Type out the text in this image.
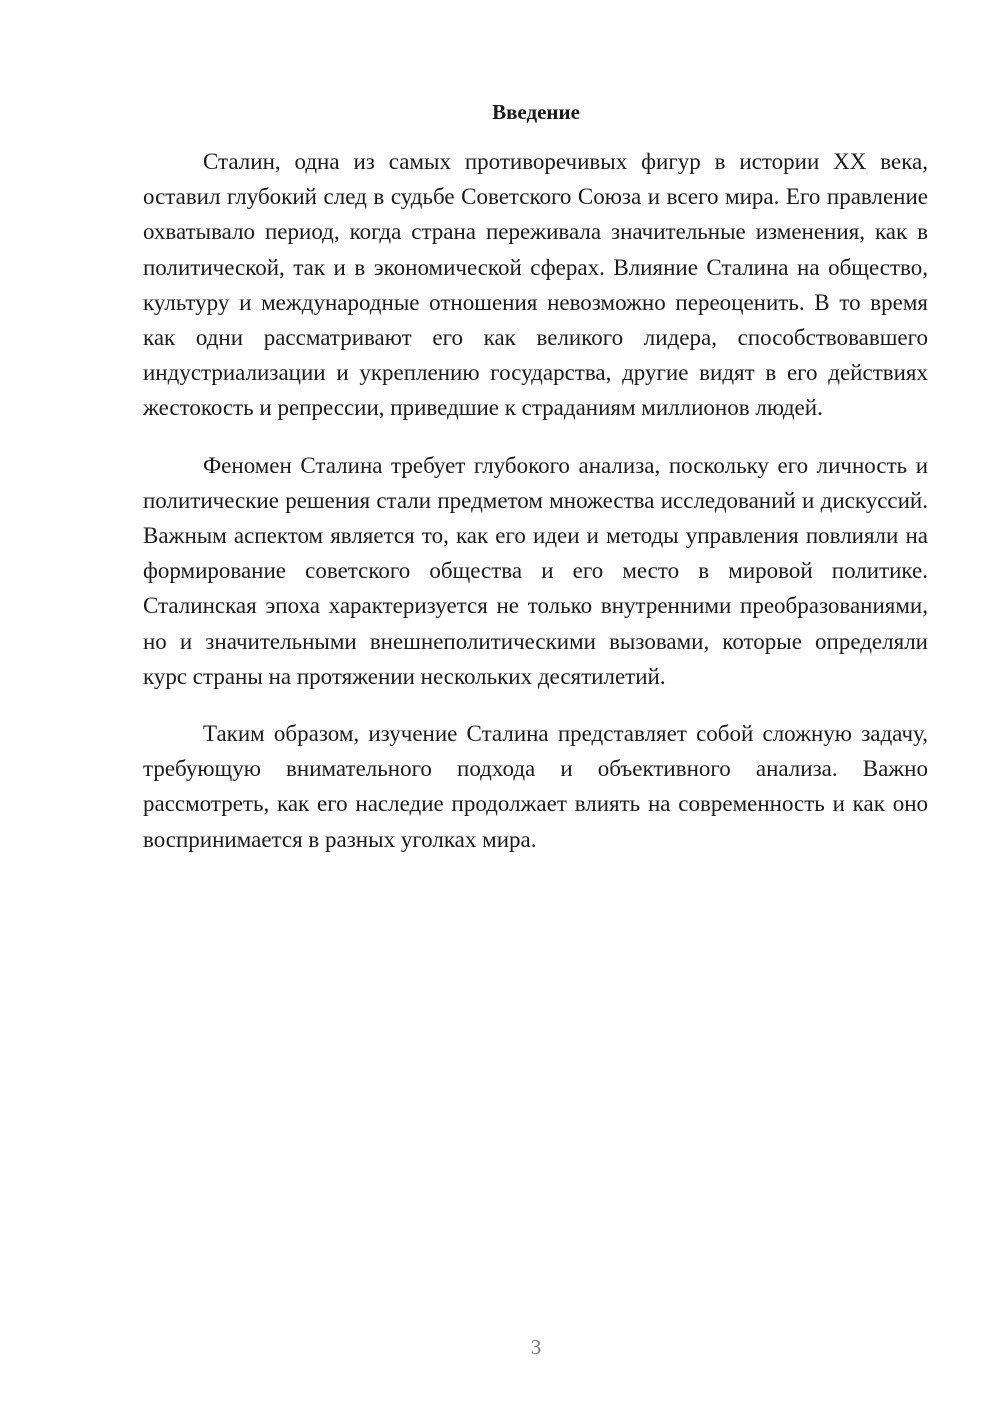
Введение

Сталин, одна из самых противоречивых фигур в истории XX века, оставил глубокий след в судьбе Советского Союза и всего мира. Его правление охватывало период, когда страна переживала значительные изменения, как в политической, так и в экономической сферах. Влияние Сталина на общество, культуру и международные отношения невозможно переоценить. В то время как одни рассматривают его как великого лидера, способствовавшего индустриализации и укреплению государства, другие видят в его действиях жестокость и репрессии, приведшие к страданиям миллионов людей.

Феномен Сталина требует глубокого анализа, поскольку его личность и политические решения стали предметом множества исследований и дискуссий. Важным аспектом является то, как его идеи и методы управления повлияли на формирование советского общества и его место в мировой политике. Сталинская эпоха характеризуется не только внутренними преобразованиями, но и значительными внешнеполитическими вызовами, которые определяли курс страны на протяжении нескольких десятилетий.

Таким образом, изучение Сталина представляет собой сложную задачу, требующую внимательного подхода и объективного анализа. Важно рассмотреть, как его наследие продолжает влиять на современность и как оно воспринимается в разных уголках мира.

3
